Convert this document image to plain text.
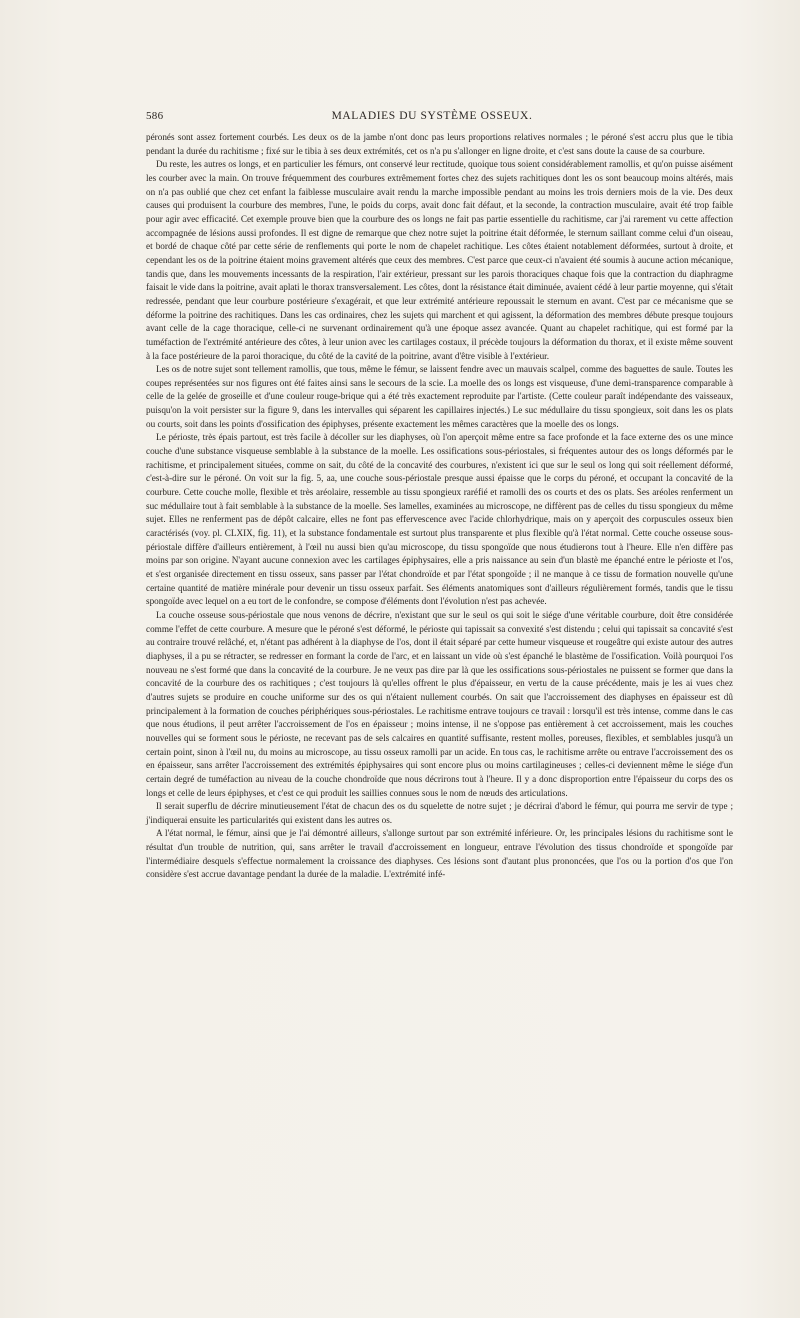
586	MALADIES DU SYSTÈME OSSEUX.

péronés sont assez fortement courbés. Les deux os de la jambe n'ont donc pas leurs proportions relatives normales ; le péroné s'est accru plus que le tibia pendant la durée du rachitisme ; fixé sur le tibia à ses deux extrémités, cet os n'a pu s'allonger en ligne droite, et c'est sans doute la cause de sa courbure.

Du reste, les autres os longs, et en particulier les fémurs, ont conservé leur rectitude, quoique tous soient considérablement ramollis, et qu'on puisse aisément les courber avec la main. On trouve fréquemment des courbures extrêmement fortes chez des sujets rachitiques dont les os sont beaucoup moins altérés, mais on n'a pas oublié que chez cet enfant la faiblesse musculaire avait rendu la marche impossible pendant au moins les trois derniers mois de la vie. Des deux causes qui produisent la courbure des membres, l'une, le poids du corps, avait donc fait défaut, et la seconde, la contraction musculaire, avait été trop faible pour agir avec efficacité. Cet exemple prouve bien que la courbure des os longs ne fait pas partie essentielle du rachitisme, car j'ai rarement vu cette affection accompagnée de lésions aussi profondes. Il est digne de remarque que chez notre sujet la poitrine était déformée, le sternum saillant comme celui d'un oiseau, et bordé de chaque côté par cette série de renflements qui porte le nom de chapelet rachitique. Les côtes étaient notablement déformées, surtout à droite, et cependant les os de la poitrine étaient moins gravement altérés que ceux des membres. C'est parce que ceux-ci n'avaient été soumis à aucune action mécanique, tandis que, dans les mouvements incessants de la respiration, l'air extérieur, pressant sur les parois thoraciques chaque fois que la contraction du diaphragme faisait le vide dans la poitrine, avait aplati le thorax transversalement. Les côtes, dont la résistance était diminuée, avaient cédé à leur partie moyenne, qui s'était redressée, pendant que leur courbure postérieure s'exagérait, et que leur extrémité antérieure repoussait le sternum en avant. C'est par ce mécanisme que se déforme la poitrine des rachitiques. Dans les cas ordinaires, chez les sujets qui marchent et qui agissent, la déformation des membres débute presque toujours avant celle de la cage thoracique, celle-ci ne survenant ordinairement qu'à une époque assez avancée. Quant au chapelet rachitique, qui est formé par la tuméfaction de l'extrémité antérieure des côtes, à leur union avec les cartilages costaux, il précède toujours la déformation du thorax, et il existe même souvent à la face postérieure de la paroi thoracique, du côté de la cavité de la poitrine, avant d'être visible à l'extérieur.

Les os de notre sujet sont tellement ramollis, que tous, même le fémur, se laissent fendre avec un mauvais scalpel, comme des baguettes de saule. Toutes les coupes représentées sur nos figures ont été faites ainsi sans le secours de la scie. La moelle des os longs est visqueuse, d'une demi-transparence comparable à celle de la gelée de groseille et d'une couleur rouge-brique qui a été très exactement reproduite par l'artiste. (Cette couleur paraît indépendante des vaisseaux, puisqu'on la voit persister sur la figure 9, dans les intervalles qui séparent les capillaires injectés.) Le suc médullaire du tissu spongieux, soit dans les os plats ou courts, soit dans les points d'ossification des épiphyses, présente exactement les mêmes caractères que la moelle des os longs.

Le périoste, très épais partout, est très facile à décoller sur les diaphyses, où l'on aperçoit même entre sa face profonde et la face externe des os une mince couche d'une substance visqueuse semblable à la substance de la moelle. Les ossifications sous-périostales, si fréquentes autour des os longs déformés par le rachitisme, et principalement situées, comme on sait, du côté de la concavité des courbures, n'existent ici que sur le seul os long qui soit réellement déformé, c'est-à-dire sur le péroné. On voit sur la fig. 5, aa, une couche sous-périostale presque aussi épaisse que le corps du péroné, et occupant la concavité de la courbure. Cette couche molle, flexible et très aréolaire, ressemble au tissu spongieux raréfié et ramolli des os courts et des os plats. Ses aréoles renferment un suc médullaire tout à fait semblable à la substance de la moelle. Ses lamelles, examinées au microscope, ne diffèrent pas de celles du tissu spongieux du même sujet. Elles ne renferment pas de dépôt calcaire, elles ne font pas effervescence avec l'acide chlorhydrique, mais on y aperçoit des corpuscules osseux bien caractérisés (voy. pl. CLXIX, fig. 11), et la substance fondamentale est surtout plus transparente et plus flexible qu'à l'état normal. Cette couche osseuse sous-périostale diffère d'ailleurs entièrement, à l'œil nu aussi bien qu'au microscope, du tissu spongoïde que nous étudierons tout à l'heure. Elle n'en diffère pas moins par son origine. N'ayant aucune connexion avec les cartilages épiphysaires, elle a pris naissance au sein d'un blastè me épanché entre le périoste et l'os, et s'est organisée directement en tissu osseux, sans passer par l'état chondroïde et par l'état spongoïde ; il ne manque à ce tissu de formation nouvelle qu'une certaine quantité de matière minérale pour devenir un tissu osseux parfait. Ses éléments anatomiques sont d'ailleurs régulièrement formés, tandis que le tissu spongoïde avec lequel on a eu tort de le confondre, se compose d'éléments dont l'évolution n'est pas achevée.

La couche osseuse sous-périostale que nous venons de décrire, n'existant que sur le seul os qui soit le siége d'une véritable courbure, doit être considérée comme l'effet de cette courbure. A mesure que le péroné s'est déformé, le périoste qui tapissait sa convexité s'est distendu ; celui qui tapissait sa concavité s'est au contraire trouvé relâché, et, n'étant pas adhérent à la diaphyse de l'os, dont il était séparé par cette humeur visqueuse et rougeâtre qui existe autour des autres diaphyses, il a pu se rétracter, se redresser en formant la corde de l'arc, et en laissant un vide où s'est épanché le blastème de l'ossification. Voilà pourquoi l'os nouveau ne s'est formé que dans la concavité de la courbure. Je ne veux pas dire par là que les ossifications sous-périostales ne puissent se former que dans la concavité de la courbure des os rachitiques ; c'est toujours là qu'elles offrent le plus d'épaisseur, en vertu de la cause précédente, mais je les ai vues chez d'autres sujets se produire en couche uniforme sur des os qui n'étaient nullement courbés. On sait que l'accroissement des diaphyses en épaisseur est dû principalement à la formation de couches périphériques sous-périostales. Le rachitisme entrave toujours ce travail : lorsqu'il est très intense, comme dans le cas que nous étudions, il peut arrêter l'accroissement de l'os en épaisseur ; moins intense, il ne s'oppose pas entièrement à cet accroissement, mais les couches nouvelles qui se forment sous le périoste, ne recevant pas de sels calcaires en quantité suffisante, restent molles, poreuses, flexibles, et semblables jusqu'à un certain point, sinon à l'œil nu, du moins au microscope, au tissu osseux ramolli par un acide. En tous cas, le rachitisme arrête ou entrave l'accroissement des os en épaisseur, sans arrêter l'accroissement des extrémités épiphysaires qui sont encore plus ou moins cartilagineuses ; celles-ci deviennent même le siége d'un certain degré de tuméfaction au niveau de la couche chondroïde que nous décrirons tout à l'heure. Il y a donc disproportion entre l'épaisseur du corps des os longs et celle de leurs épiphyses, et c'est ce qui produit les saillies connues sous le nom de nœuds des articulations.

Il serait superflu de décrire minutieusement l'état de chacun des os du squelette de notre sujet ; je décrirai d'abord le fémur, qui pourra me servir de type ; j'indiquerai ensuite les particularités qui existent dans les autres os.

A l'état normal, le fémur, ainsi que je l'ai démontré ailleurs, s'allonge surtout par son extrémité inférieure. Or, les principales lésions du rachitisme sont le résultat d'un trouble de nutrition, qui, sans arrêter le travail d'accroissement en longueur, entrave l'évolution des tissus chondroïde et spongoïde par l'intermédiaire desquels s'effectue normalement la croissance des diaphyses. Ces lésions sont d'autant plus prononcées, que l'os ou la portion d'os que l'on considère s'est accrue davantage pendant la durée de la maladie. L'extrémité infé-
